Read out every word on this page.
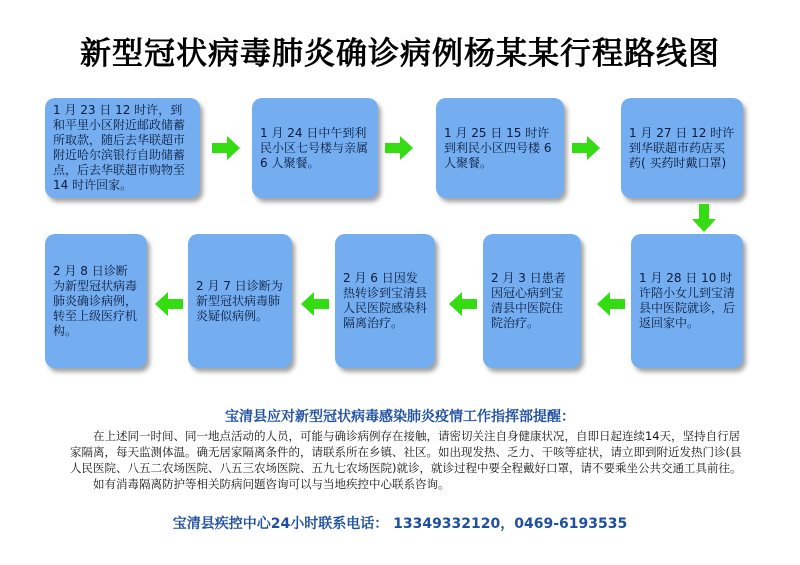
新型冠状病毒肺炎确诊病例杨某某行程路线图
1 月 23 日 12 时许，到和平里小区附近邮政储蓄所取款，随后去华联超市附近哈尔滨银行自助储蓄点，后去华联超市购物至 14 时许回家。
1 月 24 日中午到利民小区七号楼与亲属 6 人聚餐。
1 月 25 日 15 时许到利民小区四号楼 6 人聚餐。
1 月 27 日 12 时许到华联超市药店买药( 买药时戴口罩)
1 月 28 日 10 时许陪小女儿到宝清县中医院就诊，后返回家中。
2 月 3 日患者因冠心病到宝清县中医院住院治疗。
2 月 6 日因发热转诊到宝清县人民医院感染科隔离治疗。
2 月 7 日诊断为新型冠状病毒肺炎疑似病例。
2 月 8 日诊断为新型冠状病毒肺炎确诊病例，转至上级医疗机构。
宝清县应对新型冠状病毒感染肺炎疫情工作指挥部提醒：

在上述同一时间、同一地点活动的人员，可能与确诊病例存在接触，请密切关注自身健康状况，自即日起连续14天，坚持自行居家隔离，每天监测体温。确无居家隔离条件的，请联系所在乡镇、社区。如出现发热、乏力、干咳等症状，请立即到附近发热门诊(县人民医院、八五二农场医院、八五三农场医院、五九七农场医院)就诊，就诊过程中要全程戴好口罩，请不要乘坐公共交通工具前往。

如有消毒隔离防护等相关防病问题咨询可以与当地疾控中心联系咨询。

宝清县疾控中心24小时联系电话： 13349332120，0469-6193535
